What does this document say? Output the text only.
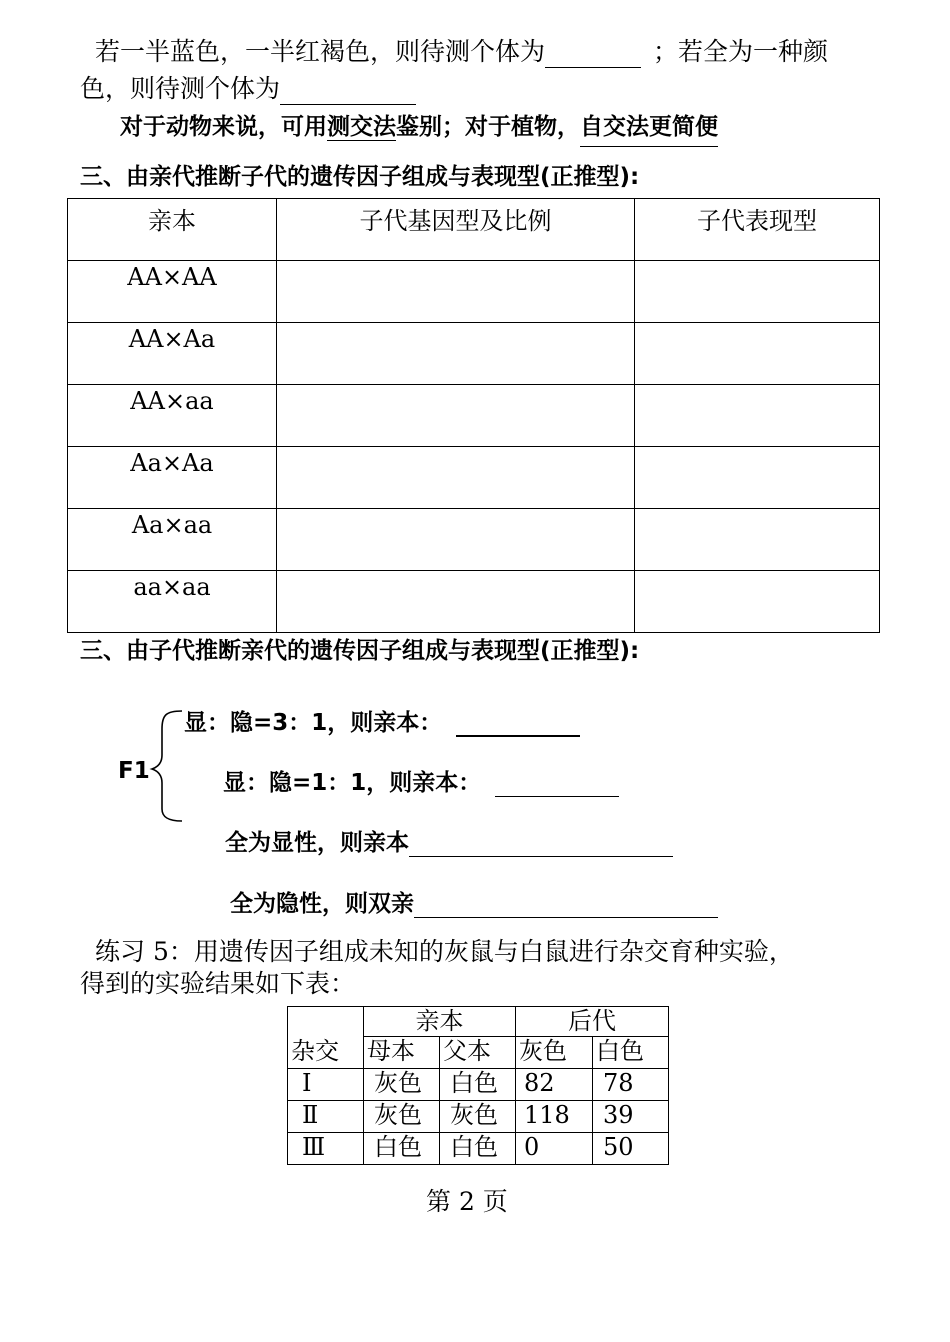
若一半蓝色，一半红褐色，则待测个体为	；若全为一种颜
色，则待测个体为
对于动物来说，可用测交法鉴别；对于植物，自交法更简便
三、由亲代推断子代的遗传因子组成与表现型(正推型):
亲本	子代基因型及比例	子代表现型
AA×AA		
AA×Aa		
AA×aa		
Aa×Aa		
Aa×aa		
aa×aa		
三、由子代推断亲代的遗传因子组成与表现型(正推型):
F1
显：隐=3：1，则亲本：
显：隐=1：1，则亲本：
全为显性，则亲本
全为隐性，则双亲
练习 5：用遗传因子组成未知的灰鼠与白鼠进行杂交育种实验，
得到的实验结果如下表：
	亲本		后代	
杂交	母本	父本	灰色	白色
Ⅰ	灰色	白色	82	78
Ⅱ	灰色	灰色	118	39
Ⅲ	白色	白色	0	50
第 2 页
